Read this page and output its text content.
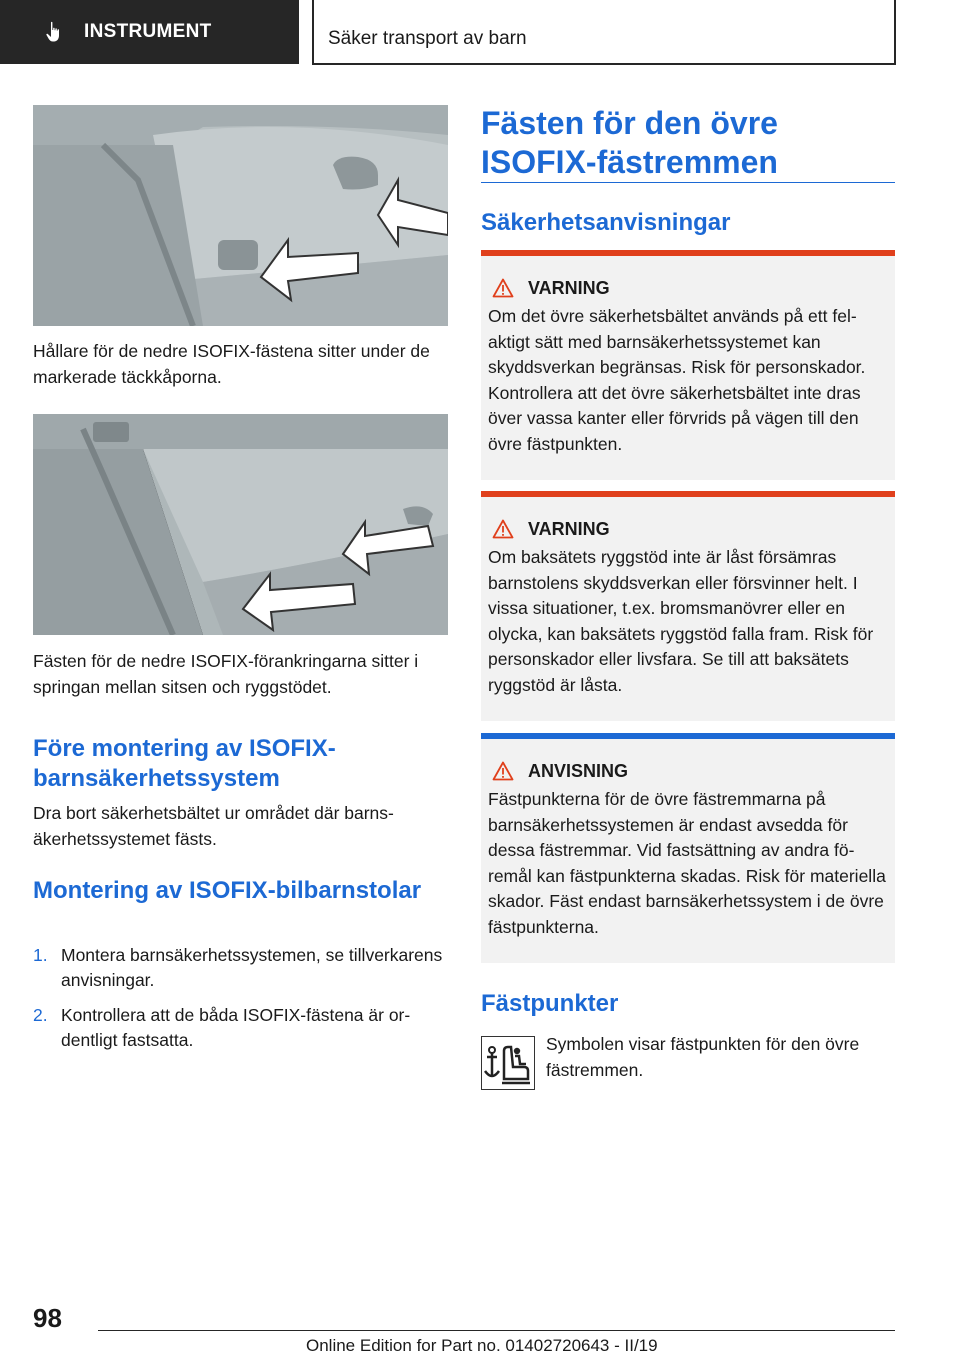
INSTRUMENT	Säker transport av barn
Hållare för de nedre ISOFIX-fästena sitter under de markerade täckkåporna.
Fästen för de nedre ISOFIX-förankringarna sitter i springan mellan sitsen och ryggstödet.
Före montering av ISOFIX-barnsäkerhetssystem
Dra bort säkerhetsbältet ur området där barnsäkerhetssystemet fästs.
Montering av ISOFIX-bilbarnstolar
1. Montera barnsäkerhetssystemen, se tillverkarens anvisningar.
2. Kontrollera att de båda ISOFIX-fästena är ordentligt fastsatta.
Fästen för den övre ISOFIX-fästremmen
Säkerhetsanvisningar
VARNING
Om det övre säkerhetsbältet används på ett felaktigt sätt med barnsäkerhetssystemet kan skyddsverkan begränsas. Risk för personskador. Kontrollera att det övre säkerhetsbältet inte dras över vassa kanter eller förvrids på vägen till den övre fästpunkten.
VARNING
Om baksätets ryggstöd inte är låst försämras barnstolens skyddsverkan eller försvinner helt. I vissa situationer, t.ex. bromsmanövrer eller en olycka, kan baksätets ryggstöd falla fram. Risk för personskador eller livsfara. Se till att baksätets ryggstöd är låsta.
ANVISNING
Fästpunkterna för de övre fästremmarna på barnsäkerhetssystemen är endast avsedda för dessa fästremmar. Vid fastsättning av andra föremål kan fästpunkterna skadas. Risk för materiella skador. Fäst endast barnsäkerhetssystem i de övre fästpunkterna.
Fästpunkter
Symbolen visar fästpunkten för den övre fästremmen.
98
Online Edition for Part no. 01402720643 - II/19
